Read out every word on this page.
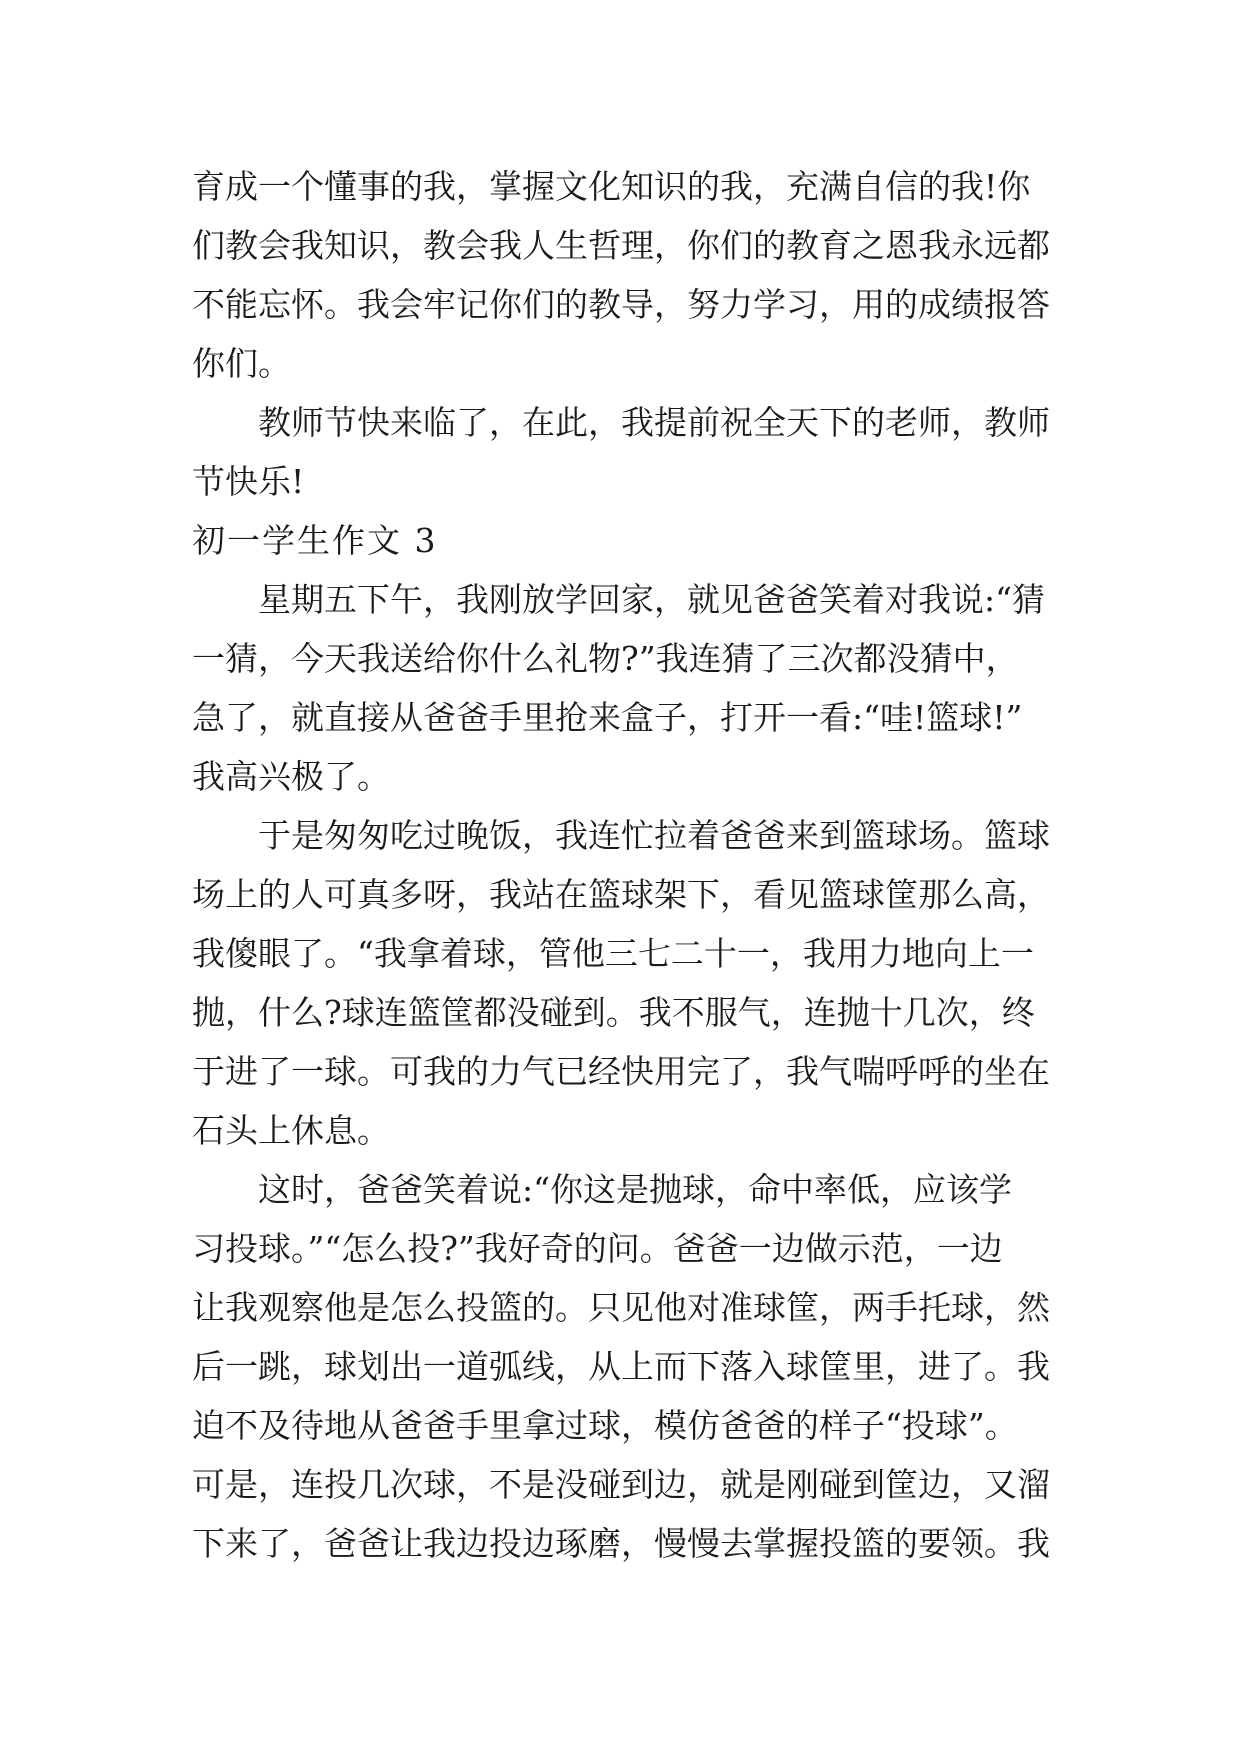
育成一个懂事的我，掌握文化知识的我，充满自信的我!你
们教会我知识，教会我人生哲理，你们的教育之恩我永远都
不能忘怀。我会牢记你们的教导，努力学习，用的成绩报答
你们。
教师节快来临了，在此，我提前祝全天下的老师，教师
节快乐!
初一学生作文 3
星期五下午，我刚放学回家，就见爸爸笑着对我说:“猜
一猜，今天我送给你什么礼物?”我连猜了三次都没猜中，
急了，就直接从爸爸手里抢来盒子，打开一看:“哇!篮球!”
我高兴极了。
于是匆匆吃过晚饭，我连忙拉着爸爸来到篮球场。篮球
场上的人可真多呀，我站在篮球架下，看见篮球筐那么高，
我傻眼了。“我拿着球，管他三七二十一，我用力地向上一
抛，什么?球连篮筐都没碰到。我不服气，连抛十几次，终
于进了一球。可我的力气已经快用完了，我气喘呼呼的坐在
石头上休息。
这时，爸爸笑着说:“你这是抛球，命中率低，应该学
习投球。”“怎么投?”我好奇的问。爸爸一边做示范，一边
让我观察他是怎么投篮的。只见他对准球筐，两手托球，然
后一跳，球划出一道弧线，从上而下落入球筐里，进了。我
迫不及待地从爸爸手里拿过球，模仿爸爸的样子“投球”。
可是，连投几次球，不是没碰到边，就是刚碰到筐边，又溜
下来了，爸爸让我边投边琢磨，慢慢去掌握投篮的要领。我
